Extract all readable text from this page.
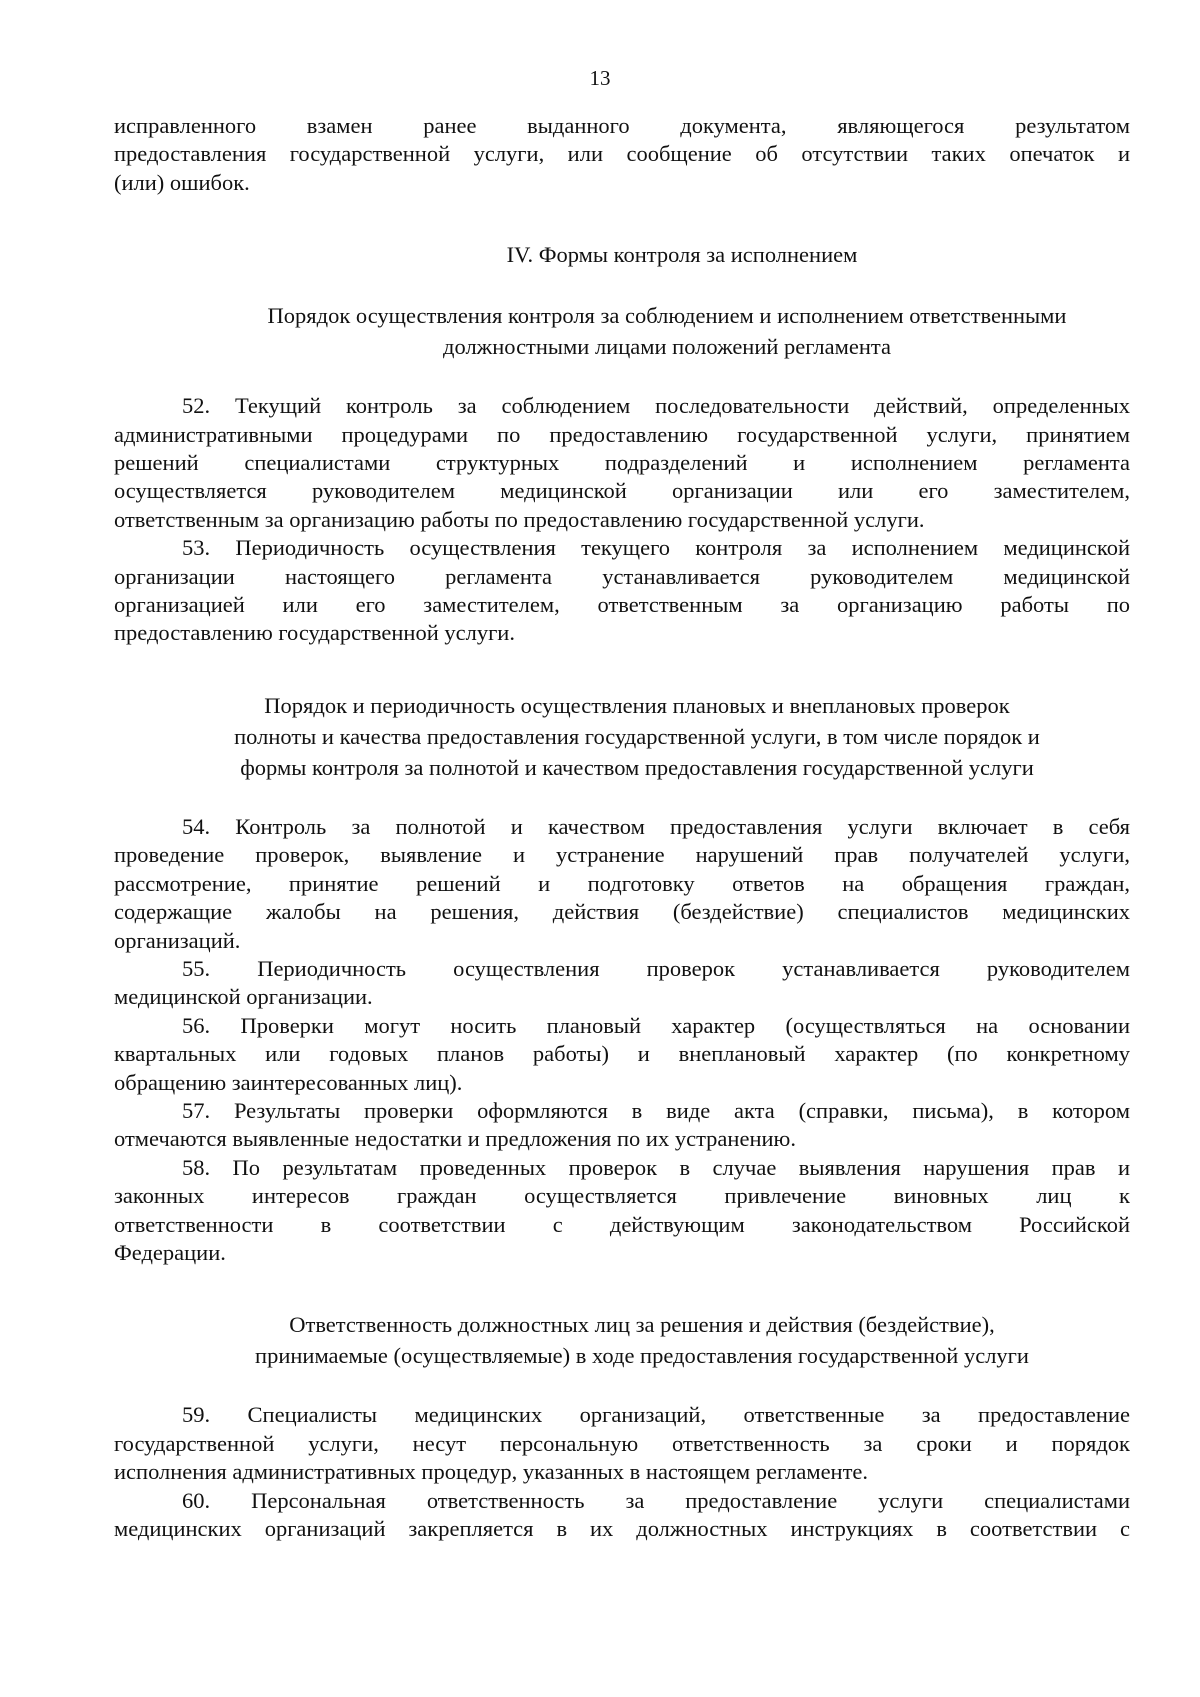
13
исправленного взамен ранее выданного документа, являющегося результатом
предоставления государственной услуги, или сообщение об отсутствии таких опечаток и
(или) ошибок.
IV. Формы контроля за исполнением
Порядок осуществления контроля за соблюдением и исполнением ответственными
должностными лицами положений регламента
52. Текущий контроль за соблюдением последовательности действий, определенных
административными процедурами по предоставлению государственной услуги, принятием
решений специалистами структурных подразделений и исполнением регламента
осуществляется руководителем медицинской организации или его заместителем,
ответственным за организацию работы по предоставлению государственной услуги.
53. Периодичность осуществления текущего контроля за исполнением медицинской
организации настоящего регламента устанавливается руководителем медицинской
организацией или его заместителем, ответственным за организацию работы по
предоставлению государственной услуги.
Порядок и периодичность осуществления плановых и внеплановых проверок
полноты и качества предоставления государственной услуги, в том числе порядок и
формы контроля за полнотой и качеством предоставления государственной услуги
54. Контроль за полнотой и качеством предоставления услуги включает в себя
проведение проверок, выявление и устранение нарушений прав получателей услуги,
рассмотрение, принятие решений и подготовку ответов на обращения граждан,
содержащие жалобы на решения, действия (бездействие) специалистов медицинских
организаций.
55. Периодичность осуществления проверок устанавливается руководителем
медицинской организации.
56. Проверки могут носить плановый характер (осуществляться на основании
квартальных или годовых планов работы) и внеплановый характер (по конкретному
обращению заинтересованных лиц).
57. Результаты проверки оформляются в виде акта (справки, письма), в котором
отмечаются выявленные недостатки и предложения по их устранению.
58. По результатам проведенных проверок в случае выявления нарушения прав и
законных интересов граждан осуществляется привлечение виновных лиц к
ответственности в соответствии с действующим законодательством Российской
Федерации.
Ответственность должностных лиц за решения и действия (бездействие),
принимаемые (осуществляемые) в ходе предоставления государственной услуги
59. Специалисты медицинских организаций, ответственные за предоставление
государственной услуги, несут персональную ответственность за сроки и порядок
исполнения административных процедур, указанных в настоящем регламенте.
60. Персональная ответственность за предоставление услуги специалистами
медицинских организаций закрепляется в их должностных инструкциях в соответствии с
